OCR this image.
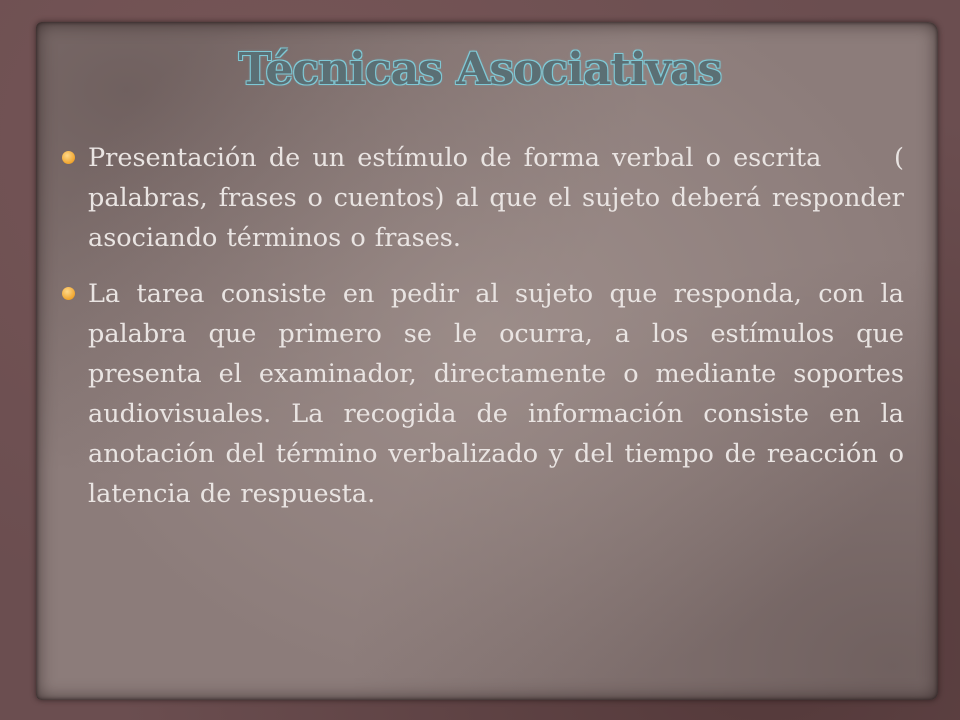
Técnicas Asociativas
Presentación de un estímulo de forma verbal o escrita      ( palabras, frases o cuentos) al que el sujeto deberá responder asociando términos o frases.
La tarea consiste en pedir al sujeto que responda, con la palabra que primero se le ocurra, a los estímulos que presenta el examinador, directamente o mediante soportes audiovisuales. La recogida de información consiste en la anotación del término verbalizado y del tiempo de reacción o latencia de respuesta.
